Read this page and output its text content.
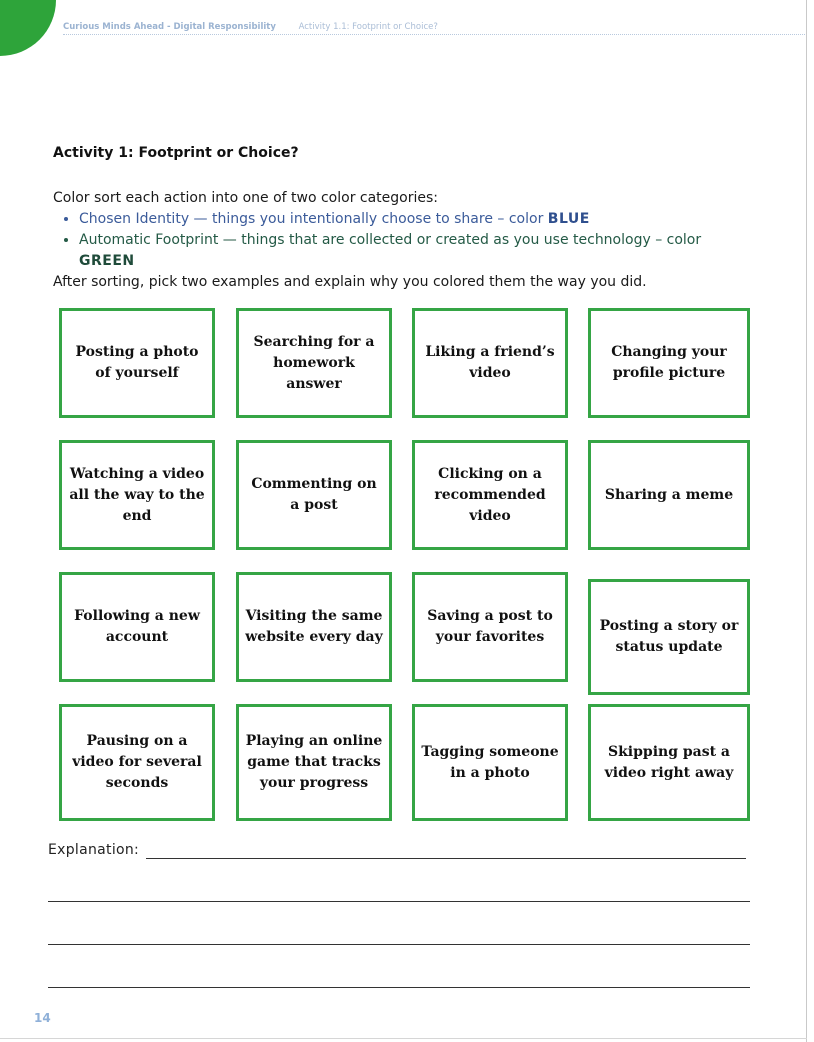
Curious Minds Ahead - Digital Responsibility	Activity 1.1: Footprint or Choice?
Activity 1: Footprint or Choice?
Color sort each action into one of two color categories:
• Chosen Identity — things you intentionally choose to share – color BLUE
• Automatic Footprint — things that are collected or created as you use technology – color GREEN
After sorting, pick two examples and explain why you colored them the way you did.
Posting a photo of yourself
Searching for a homework answer
Liking a friend’s video
Changing your profile picture
Watching a video all the way to the end
Commenting on a post
Clicking on a recommended video
Sharing a meme
Following a new account
Visiting the same website every day
Saving a post to your favorites
Posting a story or status update
Pausing on a video for several seconds
Playing an online game that tracks your progress
Tagging someone in a photo
Skipping past a video right away
Explanation:
14
